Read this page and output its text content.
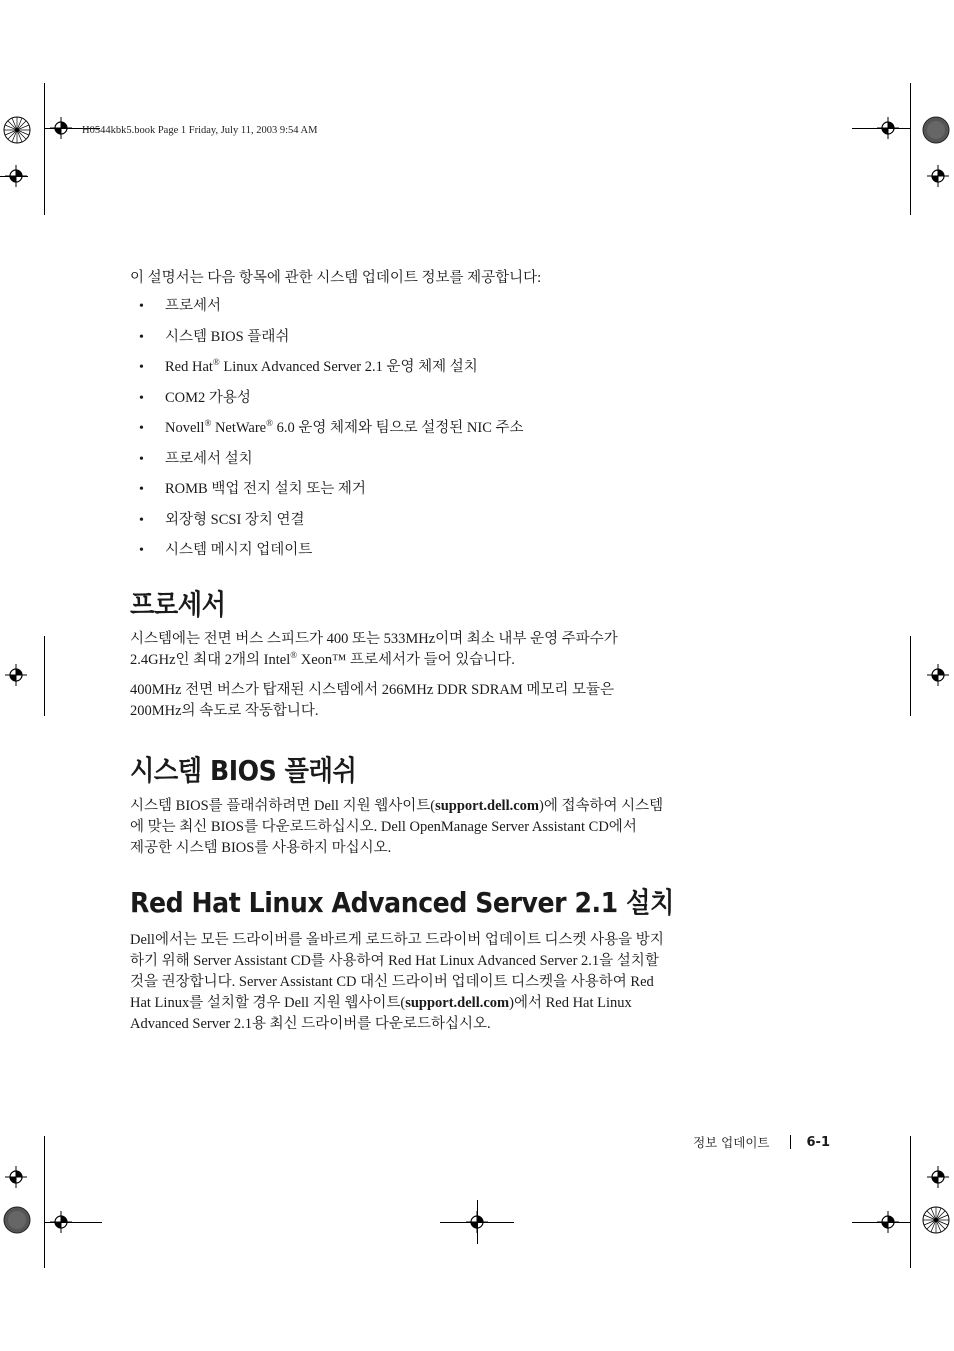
H0544kbk5.book Page 1 Friday, July 11, 2003 9:54 AM

이 설명서는 다음 항목에 관한 시스템 업데이트 정보를 제공합니다:

• 프로세서
• 시스템 BIOS 플래쉬
• Red Hat® Linux Advanced Server 2.1 운영 체제 설치
• COM2 가용성
• Novell® NetWare® 6.0 운영 체제와 팀으로 설정된 NIC 주소
• 프로세서 설치
• ROMB 백업 전지 설치 또는 제거
• 외장형 SCSI 장치 연결
• 시스템 메시지 업데이트
프로세서

시스템에는 전면 버스 스피드가 400 또는 533MHz이며 최소 내부 운영 주파수가
2.4GHz인 최대 2개의 Intel® Xeon™ 프로세서가 들어 있습니다.

400MHz 전면 버스가 탑재된 시스템에서 266MHz DDR SDRAM 메모리 모듈은
200MHz의 속도로 작동합니다.

시스템 BIOS 플래쉬

시스템 BIOS를 플래쉬하려면 Dell 지원 웹사이트(support.dell.com)에 접속하여 시스템
에 맞는 최신 BIOS를 다운로드하십시오. Dell OpenManage Server Assistant CD에서
제공한 시스템 BIOS를 사용하지 마십시오.

Red Hat Linux Advanced Server 2.1 설치

Dell에서는 모든 드라이버를 올바르게 로드하고 드라이버 업데이트 디스켓 사용을 방지
하기 위해 Server Assistant CD를 사용하여 Red Hat Linux Advanced Server 2.1을 설치할
것을 권장합니다. Server Assistant CD 대신 드라이버 업데이트 디스켓을 사용하여 Red
Hat Linux를 설치할 경우 Dell 지원 웹사이트(support.dell.com)에서 Red Hat Linux
Advanced Server 2.1용 최신 드라이버를 다운로드하십시오.

정보 업데이트	6-1
